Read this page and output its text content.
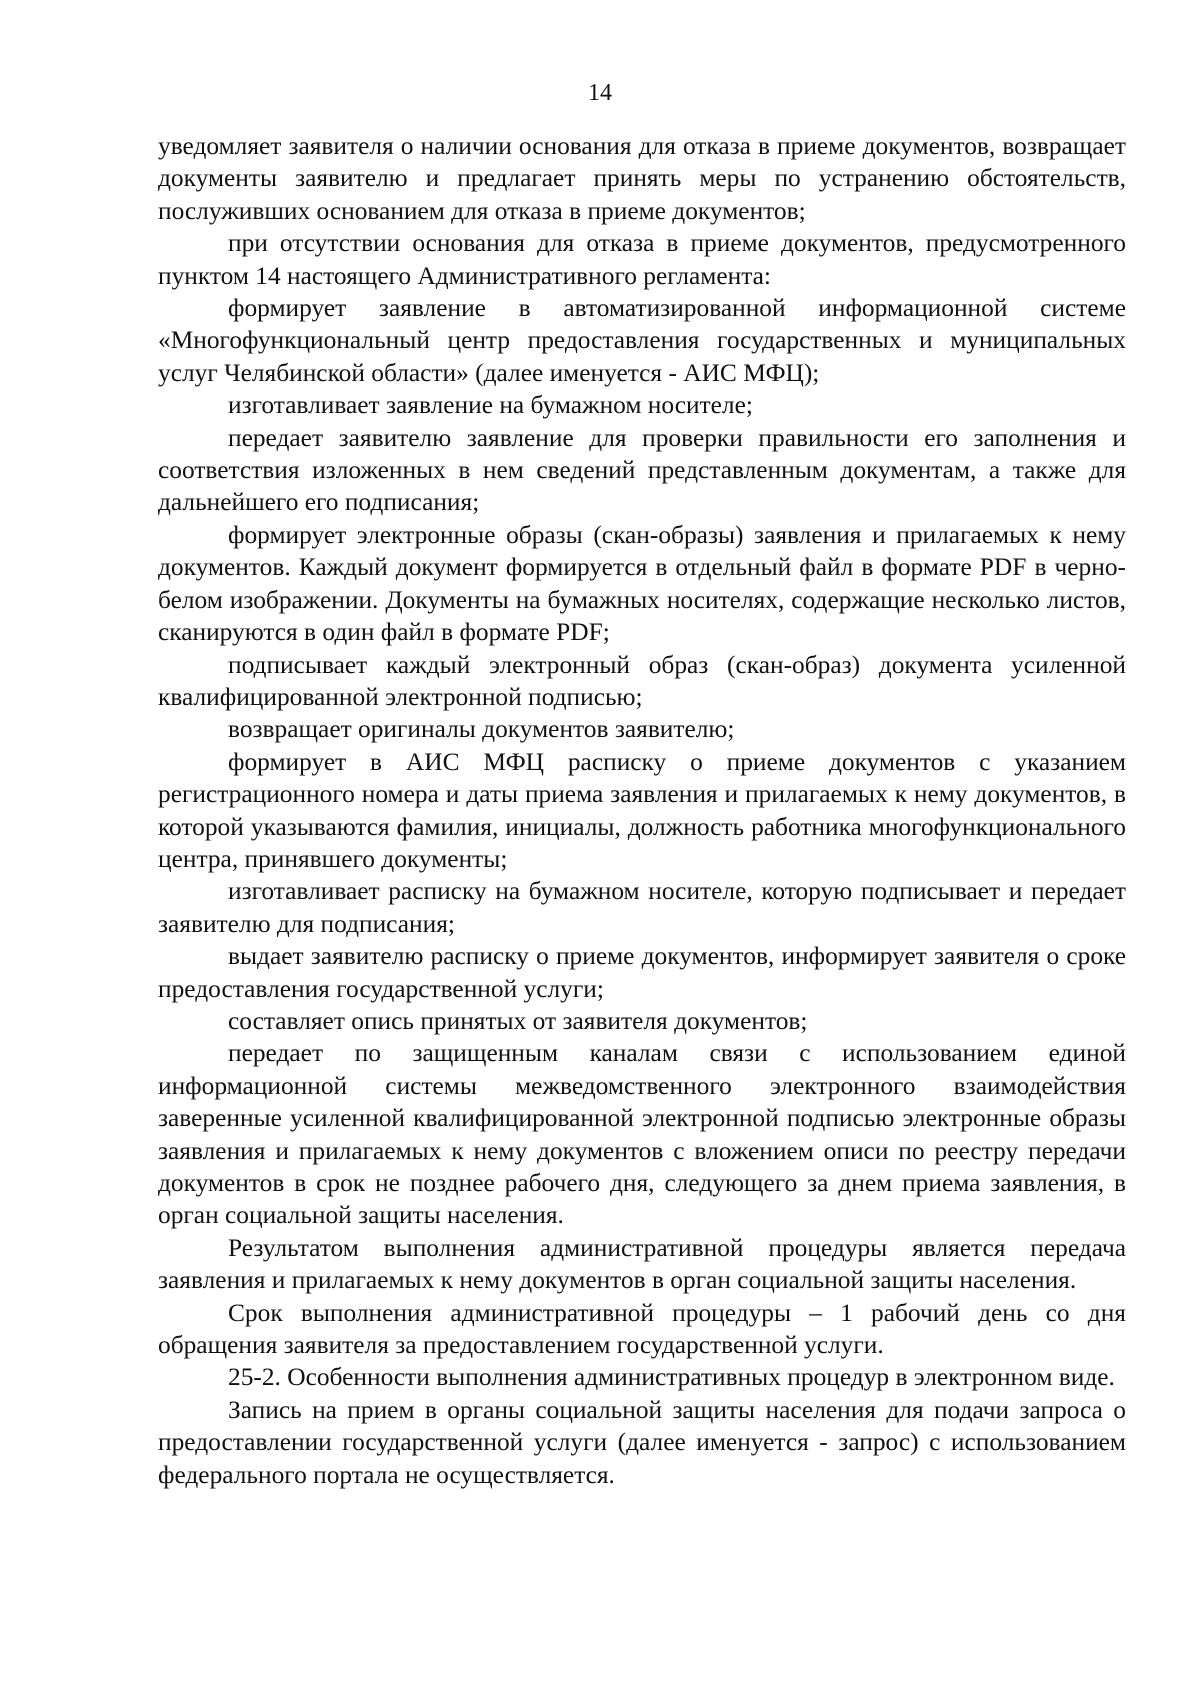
14

уведомляет заявителя о наличии основания для отказа в приеме документов, возвращает документы заявителю и предлагает принять меры по устранению обстоятельств, послуживших основанием для отказа в приеме документов;

при отсутствии основания для отказа в приеме документов, предусмотренного пунктом 14 настоящего Административного регламента:

формирует заявление в автоматизированной информационной системе «Многофункциональный центр предоставления государственных и муниципальных услуг Челябинской области» (далее именуется - АИС МФЦ);

изготавливает заявление на бумажном носителе;

передает заявителю заявление для проверки правильности его заполнения и соответствия изложенных в нем сведений представленным документам, а также для дальнейшего его подписания;

формирует электронные образы (скан-образы) заявления и прилагаемых к нему документов. Каждый документ формируется в отдельный файл в формате PDF в черно-белом изображении. Документы на бумажных носителях, содержащие несколько листов, сканируются в один файл в формате PDF;

подписывает каждый электронный образ (скан-образ) документа усиленной квалифицированной электронной подписью;

возвращает оригиналы документов заявителю;

формирует в АИС МФЦ расписку о приеме документов с указанием регистрационного номера и даты приема заявления и прилагаемых к нему документов, в которой указываются фамилия, инициалы, должность работника многофункционального центра, принявшего документы;

изготавливает расписку на бумажном носителе, которую подписывает и передает заявителю для подписания;

выдает заявителю расписку о приеме документов, информирует заявителя о сроке предоставления государственной услуги;

составляет опись принятых от заявителя документов;

передает по защищенным каналам связи с использованием единой информационной системы межведомственного электронного взаимодействия заверенные усиленной квалифицированной электронной подписью электронные образы заявления и прилагаемых к нему документов с вложением описи по реестру передачи документов в срок не позднее рабочего дня, следующего за днем приема заявления, в орган социальной защиты населения.

Результатом выполнения административной процедуры является передача заявления и прилагаемых к нему документов в орган социальной защиты населения.

Срок выполнения административной процедуры – 1 рабочий день со дня обращения заявителя за предоставлением государственной услуги.

25-2. Особенности выполнения административных процедур в электронном виде.

Запись на прием в органы социальной защиты населения для подачи запроса о предоставлении государственной услуги (далее именуется - запрос) с использованием федерального портала не осуществляется.
